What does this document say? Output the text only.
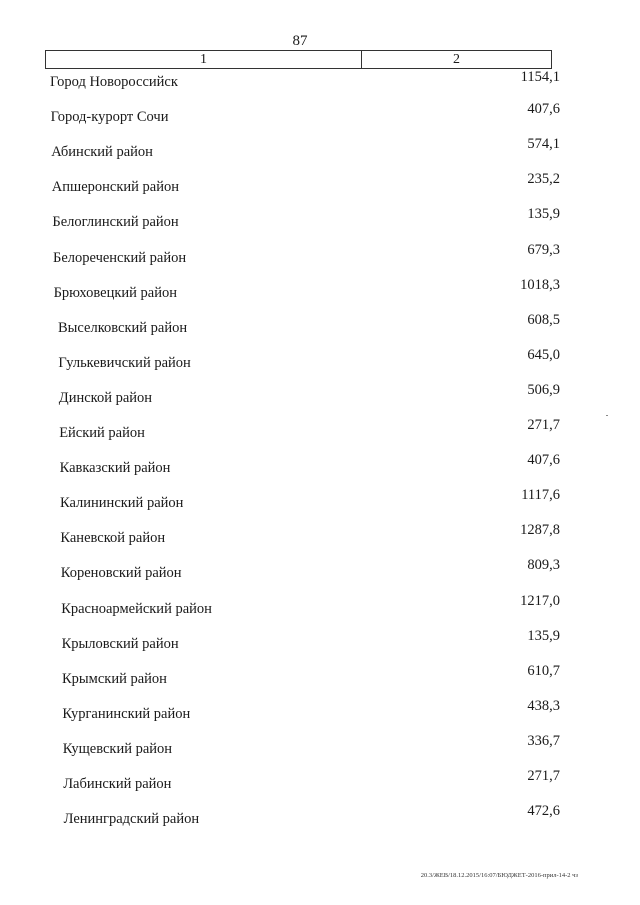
87
1	2
Город Новороссийск	1154,1
Город-курорт Сочи	407,6
Абинский район	574,1
Апшеронский район	235,2
Белоглинский район	135,9
Белореченский район	679,3
Брюховецкий район	1018,3
Выселковский район	608,5
Гулькевичский район	645,0
Динской район	506,9
Ейский район	271,7
Кавказский район	407,6
Калининский район	1117,6
Каневской район	1287,8
Кореновский район	809,3
Красноармейский район	1217,0
Крыловский район	135,9
Крымский район	610,7
Курганинский район	438,3
Кущевский район	336,7
Лабинский район	271,7
Ленинградский район	472,6
20.3/ЖЕВ/18.12.2015/16:07/БЮДЖЕТ-2016-прил-14-2 чз
